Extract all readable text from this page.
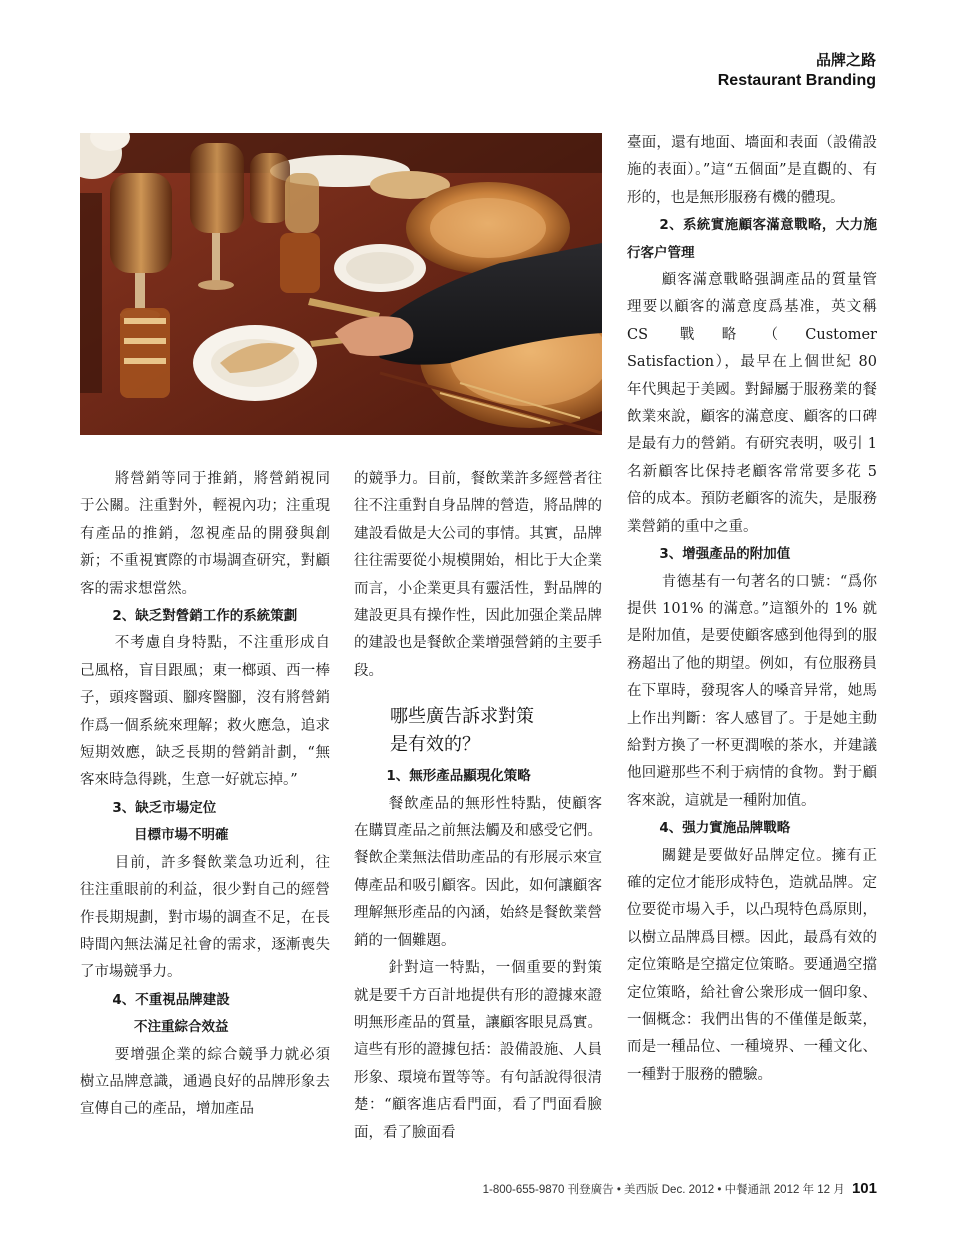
品牌之路
Restaurant Branding

將營銷等同于推銷，將營銷視同于公關。注重對外，輕視內功；注重現有產品的推銷，忽視產品的開發與創新；不重視實際的市場調查研究，對顧客的需求想當然。

2、缺乏對營銷工作的系統策劃

不考慮自身特點，不注重形成自己風格，盲目跟風；東一榔頭、西一棒子，頭疼醫頭、腳疼醫腳，沒有將營銷作爲一個系統來理解；救火應急，追求短期效應，缺乏長期的營銷計劃，“無客來時急得跳，生意一好就忘掉。”

3、缺乏市場定位
目標市場不明確

目前，許多餐飲業急功近利，往往注重眼前的利益，很少對自己的經營作長期規劃，對市場的調查不足，在長時間內無法滿足社會的需求，逐漸喪失了市場競爭力。

4、不重視品牌建設
不注重綜合效益

要增强企業的綜合競爭力就必須樹立品牌意識，通過良好的品牌形象去宣傳自己的產品，增加產品

的競爭力。目前，餐飲業許多經營者往往不注重對自身品牌的營造，將品牌的建設看做是大公司的事情。其實，品牌往往需要從小規模開始，相比于大企業而言，小企業更具有靈活性，對品牌的建設更具有操作性，因此加强企業品牌的建設也是餐飲企業增强營銷的主要手段。

哪些廣告訴求對策
是有效的？
1、無形產品顯現化策略

餐飲產品的無形性特點，使顧客在購買產品之前無法觸及和感受它們。餐飲企業無法借助產品的有形展示來宣傳產品和吸引顧客。因此，如何讓顧客理解無形產品的內涵，始終是餐飲業營銷的一個難題。

針對這一特點，一個重要的對策就是要千方百計地提供有形的證據來證明無形產品的質量，讓顧客眼見爲實。這些有形的證據包括：設備設施、人員形象、環境布置等等。有句話說得很清楚：“顧客進店看門面，看了門面看臉面，看了臉面看

臺面，還有地面、墻面和表面（設備設施的表面）。”這“五個面”是直觀的、有形的，也是無形服務有機的體現。

2、系統實施顧客滿意戰略，大力施行客户管理

顧客滿意戰略强調產品的質量管理要以顧客的滿意度爲基准，英文稱 CS 戰略（Customer Satisfaction），最早在上個世紀 80 年代興起于美國。對歸屬于服務業的餐飲業來說，顧客的滿意度、顧客的口碑是最有力的營銷。有研究表明，吸引 1 名新顧客比保持老顧客常常要多花 5 倍的成本。預防老顧客的流失，是服務業營銷的重中之重。

3、增强產品的附加值

肯德基有一句著名的口號：“爲你提供 101% 的滿意。”這額外的 1% 就是附加值，是要使顧客感到他得到的服務超出了他的期望。例如，有位服務員在下單時，發現客人的嗓音异常，她馬上作出判斷：客人感冒了。于是她主動給對方換了一杯更潤喉的茶水，并建議他回避那些不利于病情的食物。對于顧客來說，這就是一種附加值。

4、强力實施品牌戰略

關鍵是要做好品牌定位。擁有正確的定位才能形成特色，造就品牌。定位要從市場入手，以凸現特色爲原則，以樹立品牌爲目標。因此，最爲有效的定位策略是空擋定位策略。要通過空擋定位策略，給社會公衆形成一個印象、一個概念：我們出售的不僅僅是飯菜，而是一種品位、一種境界、一種文化、一種對于服務的體驗。

1-800-655-9870 刊登廣告 • 美西版 Dec. 2012 • 中餐通訊 2012 年 12 月 101
